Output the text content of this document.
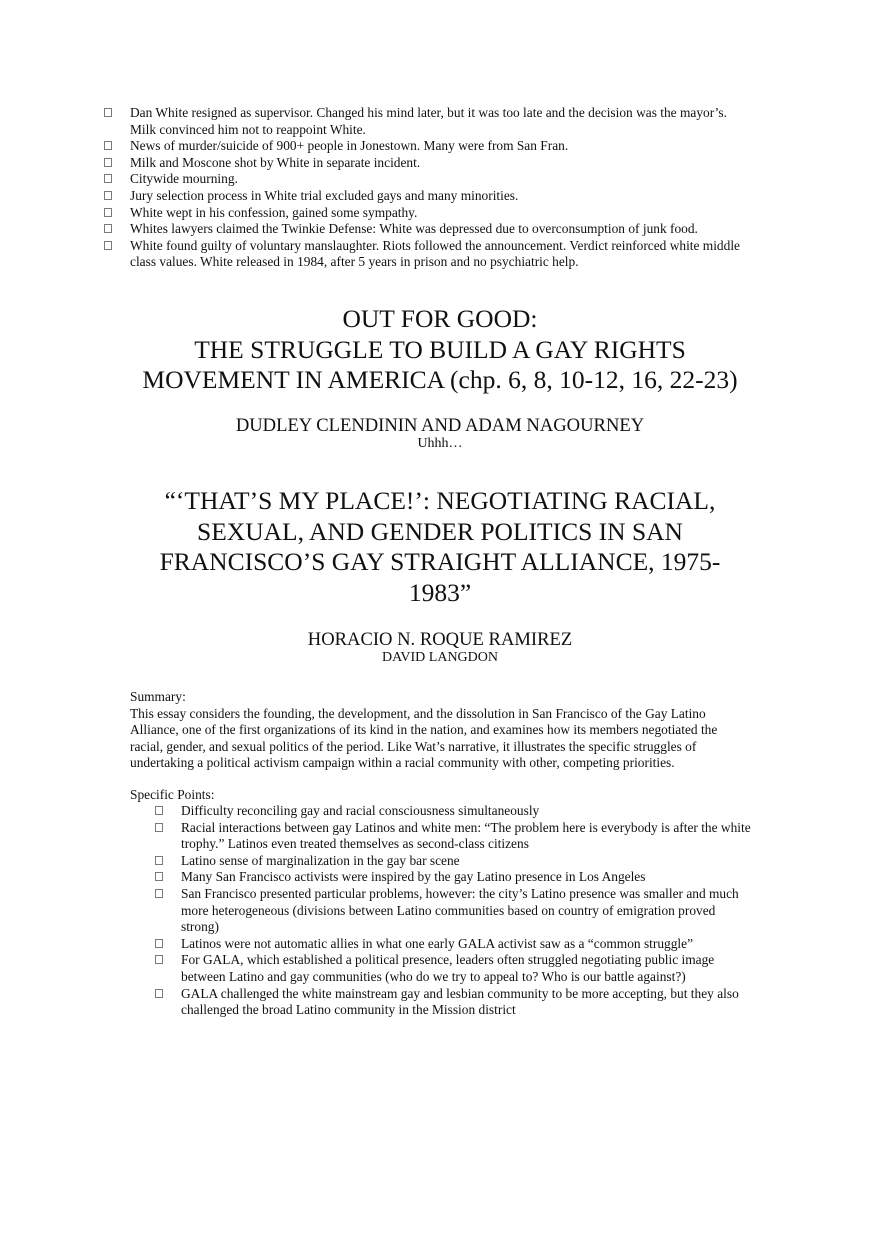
Dan White resigned as supervisor. Changed his mind later, but it was too late and the decision was the mayor’s. Milk convinced him not to reappoint White.
News of murder/suicide of 900+ people in Jonestown. Many were from San Fran.
Milk and Moscone shot by White in separate incident.
Citywide mourning.
Jury selection process in White trial excluded gays and many minorities.
White wept in his confession, gained some sympathy.
Whites lawyers claimed the Twinkie Defense: White was depressed due to overconsumption of junk food.
White found guilty of voluntary manslaughter. Riots followed the announcement. Verdict reinforced white middle class values. White released in 1984, after 5 years in prison and no psychiatric help.

OUT FOR GOOD:

THE STRUGGLE TO BUILD A GAY RIGHTS

MOVEMENT IN AMERICA (chp. 6, 8, 10-12, 16, 22-23)

DUDLEY CLENDININ AND ADAM NAGOURNEY

Uhhh…

“‘THAT’S MY PLACE!’: NEGOTIATING RACIAL,

SEXUAL, AND GENDER POLITICS IN SAN

FRANCISCO’S GAY STRAIGHT ALLIANCE, 1975-

1983”

HORACIO N. ROQUE RAMIREZ

DAVID LANGDON

Summary:

This essay considers the founding, the development, and the dissolution in San Francisco of the Gay Latino Alliance, one of the first organizations of its kind in the nation, and examines how its members negotiated the racial, gender, and sexual politics of the period. Like Wat’s narrative, it illustrates the specific struggles of undertaking a political activism campaign within a racial community with other, competing priorities.

Specific Points:
Difficulty reconciling gay and racial consciousness simultaneously
Racial interactions between gay Latinos and white men: “The problem here is everybody is after the white trophy.” Latinos even treated themselves as second-class citizens
Latino sense of marginalization in the gay bar scene
Many San Francisco activists were inspired by the gay Latino presence in Los Angeles
San Francisco presented particular problems, however: the city’s Latino presence was smaller and much more heterogeneous (divisions between Latino communities based on country of emigration proved strong)
Latinos were not automatic allies in what one early GALA activist saw as a “common struggle”
For GALA, which established a political presence, leaders often struggled negotiating public image between Latino and gay communities (who do we try to appeal to? Who is our battle against?)
GALA challenged the white mainstream gay and lesbian community to be more accepting, but they also challenged the broad Latino community in the Mission district
